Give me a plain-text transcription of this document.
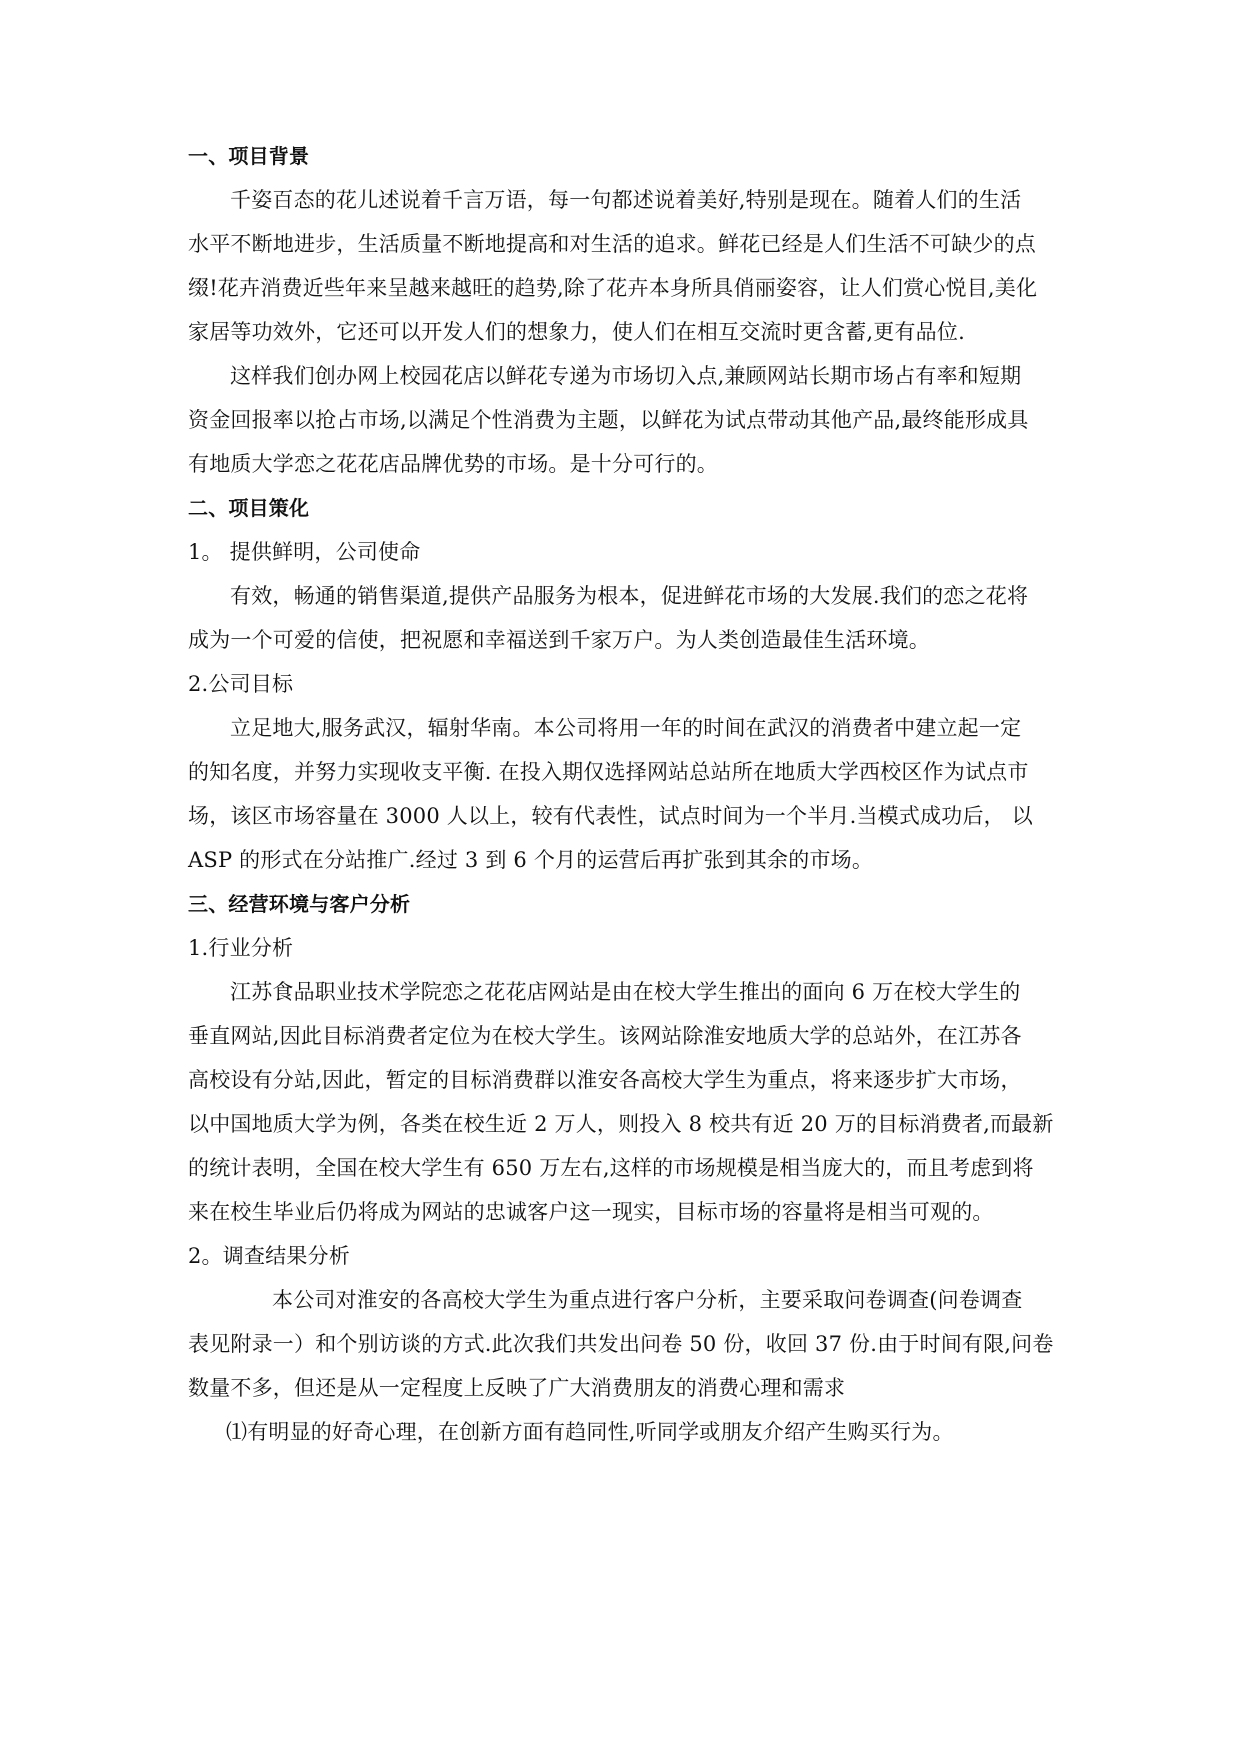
一、项目背景
千姿百态的花儿述说着千言万语，每一句都述说着美好,特别是现在。随着人们的生活
水平不断地进步，生活质量不断地提高和对生活的追求。鲜花已经是人们生活不可缺少的点
缀!花卉消费近些年来呈越来越旺的趋势,除了花卉本身所具俏丽姿容，让人们赏心悦目,美化
家居等功效外，它还可以开发人们的想象力，使人们在相互交流时更含蓄,更有品位.
这样我们创办网上校园花店以鲜花专递为市场切入点,兼顾网站长期市场占有率和短期
资金回报率以抢占市场,以满足个性消费为主题，以鲜花为试点带动其他产品,最终能形成具
有地质大学恋之花花店品牌优势的市场。是十分可行的。
二、项目策化
1。 提供鲜明，公司使命
有效，畅通的销售渠道,提供产品服务为根本，促进鲜花市场的大发展.我们的恋之花将
成为一个可爱的信使，把祝愿和幸福送到千家万户。为人类创造最佳生活环境。
2.公司目标
立足地大,服务武汉，辐射华南。本公司将用一年的时间在武汉的消费者中建立起一定
的知名度，并努力实现收支平衡. 在投入期仅选择网站总站所在地质大学西校区作为试点市
场，该区市场容量在 3000 人以上，较有代表性，试点时间为一个半月.当模式成功后， 以
ASP 的形式在分站推广.经过 3 到 6 个月的运营后再扩张到其余的市场。
三、经营环境与客户分析
1.行业分析
江苏食品职业技术学院恋之花花店网站是由在校大学生推出的面向 6 万在校大学生的
垂直网站,因此目标消费者定位为在校大学生。该网站除淮安地质大学的总站外，在江苏各
高校设有分站,因此，暂定的目标消费群以淮安各高校大学生为重点，将来逐步扩大市场，
以中国地质大学为例，各类在校生近 2 万人，则投入 8 校共有近 20 万的目标消费者,而最新
的统计表明，全国在校大学生有 650 万左右,这样的市场规模是相当庞大的，而且考虑到将
来在校生毕业后仍将成为网站的忠诚客户这一现实，目标市场的容量将是相当可观的。
2。调查结果分析
本公司对淮安的各高校大学生为重点进行客户分析，主要采取问卷调查(问卷调查
表见附录一）和个别访谈的方式.此次我们共发出问卷 50 份，收回 37 份.由于时间有限,问卷
数量不多，但还是从一定程度上反映了广大消费朋友的消费心理和需求
⑴有明显的好奇心理，在创新方面有趋同性,听同学或朋友介绍产生购买行为。
